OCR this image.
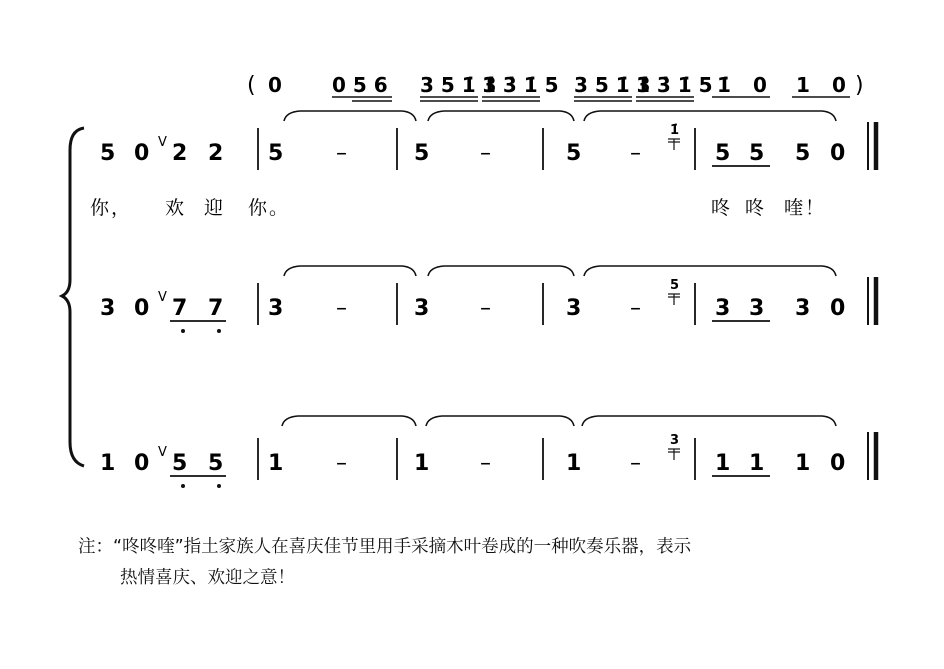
( 0	0 5 6 3 5 1̇ 3̇
1̇ 3̇ 1̇ 5 3 5 1̇ 3̇
1̇ 3̇ 1̇ 5 1̇ 0 1 0 )
5 0 V 2 2 5 –	5 –	5 –
1̇
5 5 5 0
你， 欢 迎 你。	咚 咚 喹！
3 0 V 7 7 3 –	3 –	3 –
5
3 3 3 0
1 0 V 5 5 1 –	1 –	1 –
3
1 1 1 0
注：“咚咚喹”指土家族人在喜庆佳节里用手采摘木叶卷成的一种吹奏乐器，表示
热情喜庆、欢迎之意！
